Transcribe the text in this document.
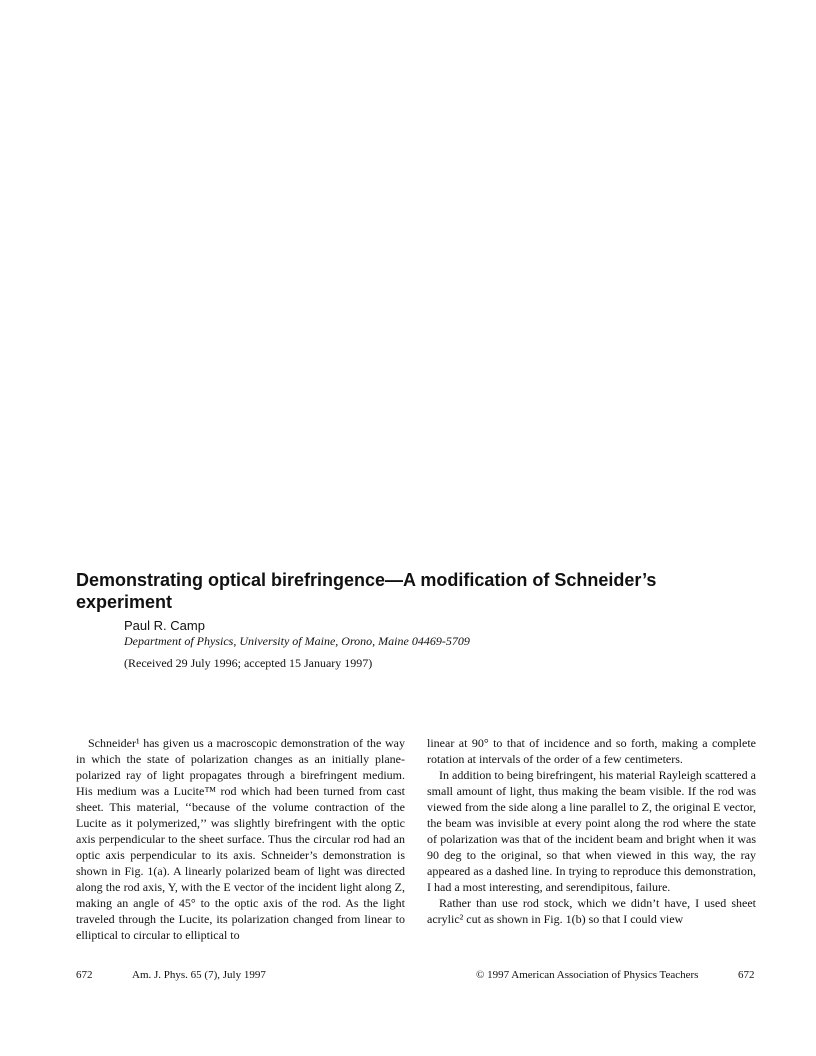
Demonstrating optical birefringence—A modification of Schneider’s experiment
Paul R. Camp
Department of Physics, University of Maine, Orono, Maine 04469-5709
(Received 29 July 1996; accepted 15 January 1997)

Schneider¹ has given us a macroscopic demonstration of the way in which the state of polarization changes as an initially plane-polarized ray of light propagates through a birefringent medium. His medium was a Lucite™ rod which had been turned from cast sheet. This material, ‘‘because of the volume contraction of the Lucite as it polymerized,’’ was slightly birefringent with the optic axis perpendicular to the sheet surface. Thus the circular rod had an optic axis perpendicular to its axis. Schneider’s demonstration is shown in Fig. 1(a). A linearly polarized beam of light was directed along the rod axis, Y, with the E vector of the incident light along Z, making an angle of 45° to the optic axis of the rod. As the light traveled through the Lucite, its polarization changed from linear to elliptical to circular to elliptical to

linear at 90° to that of incidence and so forth, making a complete rotation at intervals of the order of a few centimeters.

In addition to being birefringent, his material Rayleigh scattered a small amount of light, thus making the beam visible. If the rod was viewed from the side along a line parallel to Z, the original E vector, the beam was invisible at every point along the rod where the state of polarization was that of the incident beam and bright when it was 90 deg to the original, so that when viewed in this way, the ray appeared as a dashed line. In trying to reproduce this demonstration, I had a most interesting, and serendipitous, failure.

Rather than use rod stock, which we didn’t have, I used sheet acrylic² cut as shown in Fig. 1(b) so that I could view

672	Am. J. Phys. 65 (7), July 1997	© 1997 American Association of Physics Teachers	672
